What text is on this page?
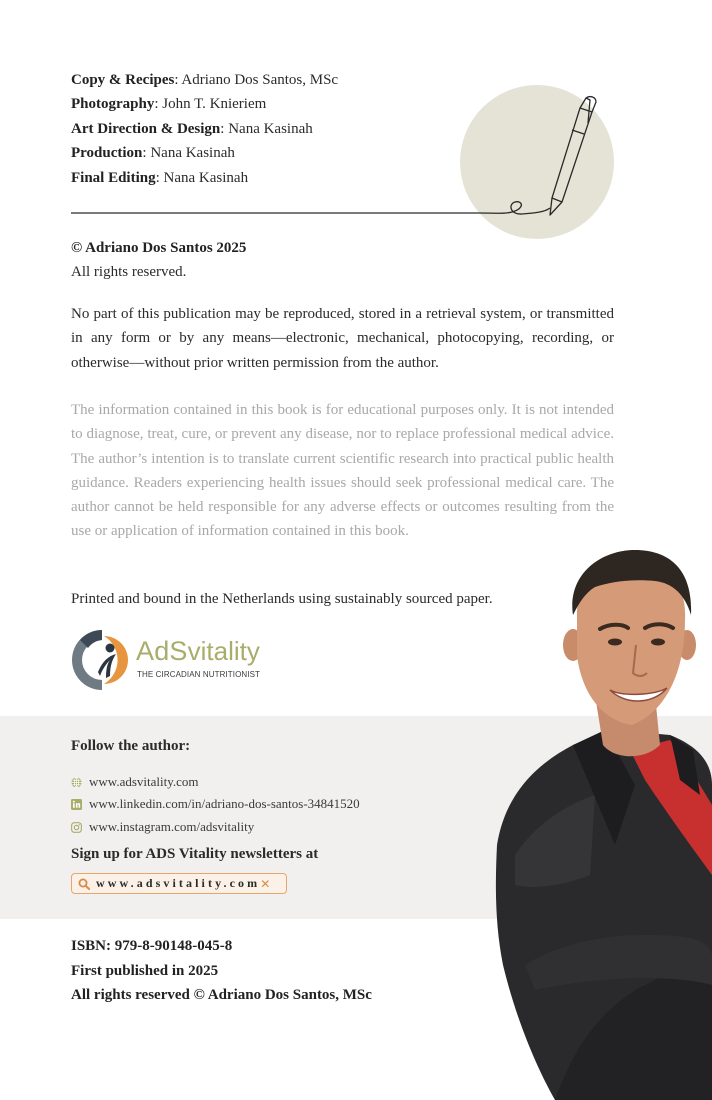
Copy & Recipes: Adriano Dos Santos, MSc
Photography: John T. Knieriem
Art Direction & Design: Nana Kasinah
Production: Nana Kasinah
Final Editing: Nana Kasinah
© Adriano Dos Santos 2025
All rights reserved.
No part of this publication may be reproduced, stored in a retrieval system, or transmitted in any form or by any means—electronic, mechanical, photocopying, recording, or otherwise—without prior written permission from the author.
The information contained in this book is for educational purposes only. It is not intended to diagnose, treat, cure, or prevent any disease, nor to replace professional medical advice. The author’s intention is to translate current scientific research into practical public health guidance. Readers experiencing health issues should seek professional medical care. The author cannot be held responsible for any adverse effects or outcomes resulting from the use or application of information contained in this book.
Printed and bound in the Netherlands using sustainably sourced paper.
AdSvitality
THE CIRCADIAN NUTRITIONIST
Follow the author:
www.adsvitality.com
www.linkedin.com/in/adriano-dos-santos-34841520
www.instagram.com/adsvitality
Sign up for ADS Vitality newsletters at
www.adsvitality.com ✕
ISBN: 979-8-90148-045-8
First published in 2025
All rights reserved © Adriano Dos Santos, MSc
